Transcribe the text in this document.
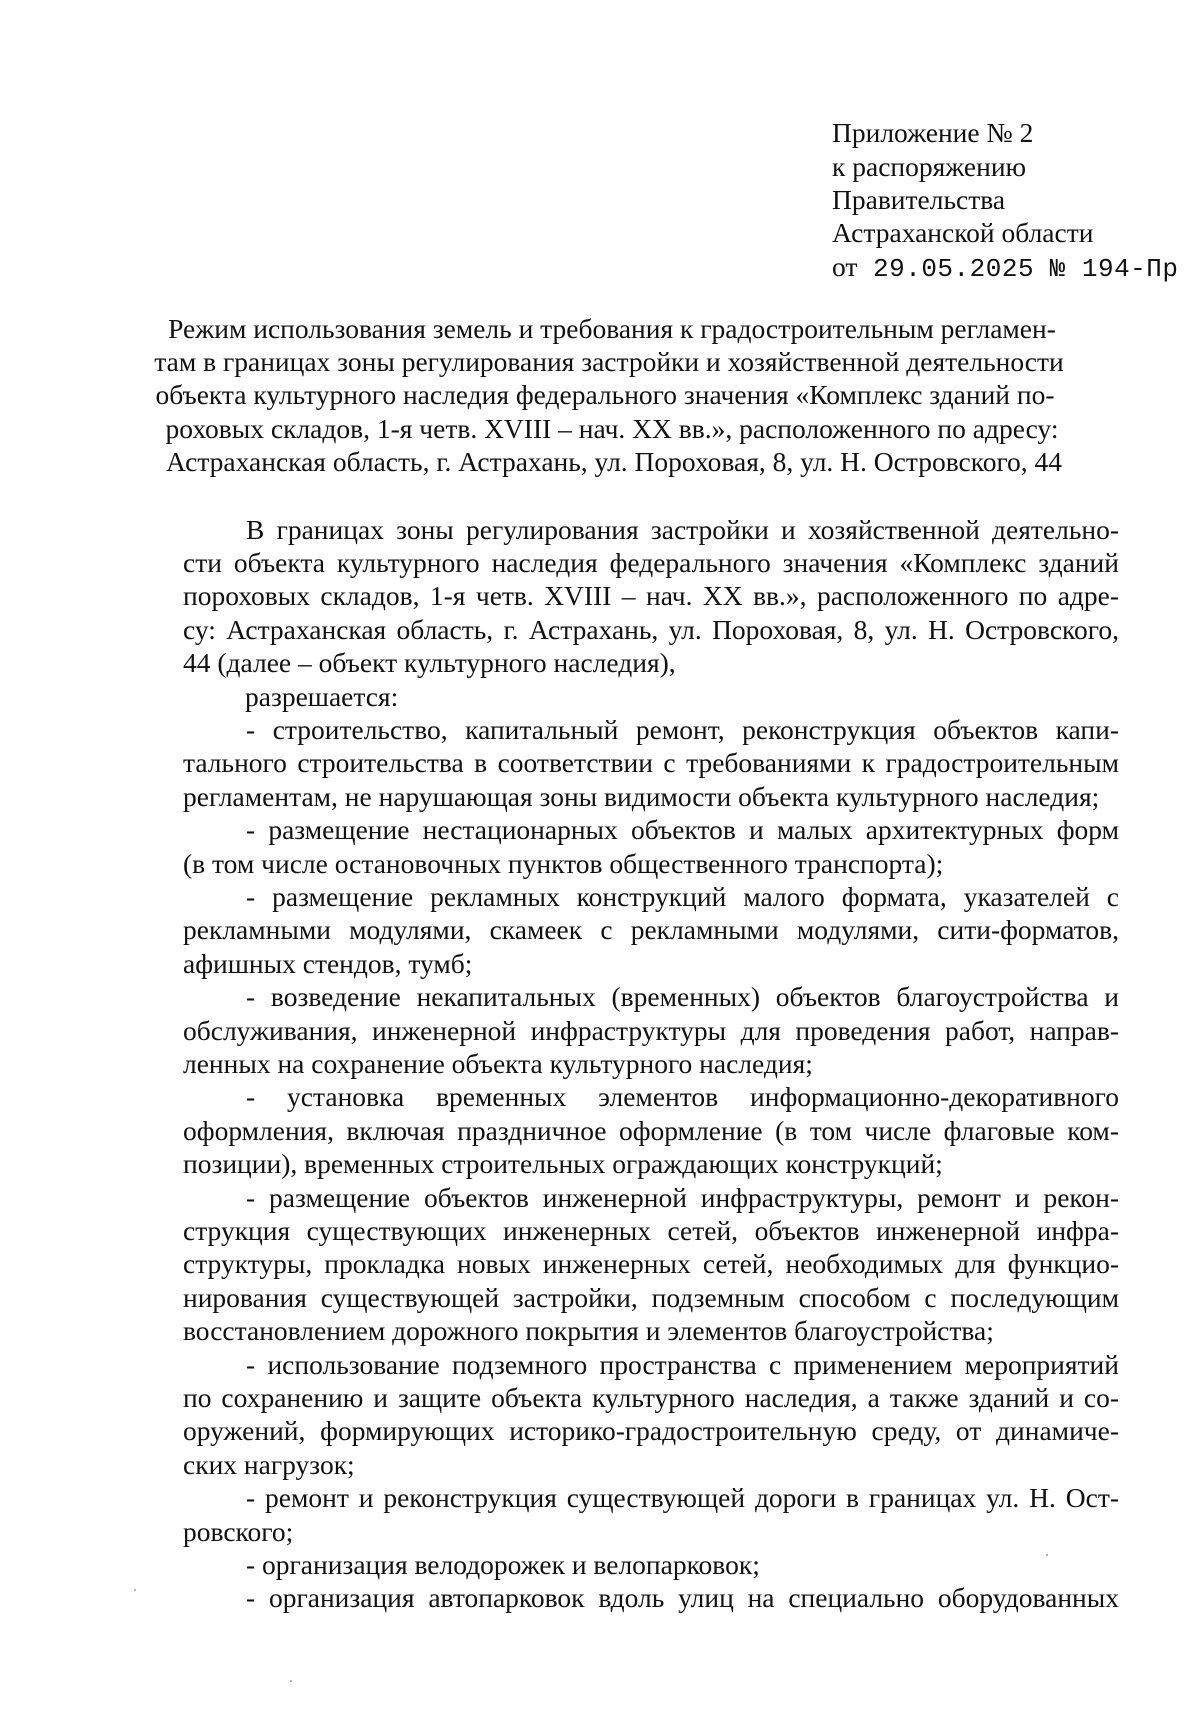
Приложение № 2
к распоряжению
Правительства
Астраханской области
от 29.05.2025 № 194-Пр
Режим использования земель и требования к градостроительным регламен-
там в границах зоны регулирования застройки и хозяйственной деятельности
объекта культурного наследия федерального значения «Комплекс зданий по-
роховых складов, 1-я четв. XVIII – нач. XX вв.», расположенного по адресу:
Астраханская область, г. Астрахань, ул. Пороховая, 8, ул. Н. Островского, 44
В границах зоны регулирования застройки и хозяйственной деятельно-
сти объекта культурного наследия федерального значения «Комплекс зданий
пороховых складов, 1-я четв. XVIII – нач. XX вв.», расположенного по адре-
су: Астраханская область, г. Астрахань, ул. Пороховая, 8, ул. Н. Островского,
44 (далее – объект культурного наследия),
разрешается:
- строительство, капитальный ремонт, реконструкция объектов капи-
тального строительства в соответствии с требованиями к градостроительным
регламентам, не нарушающая зоны видимости объекта культурного наследия;
- размещение нестационарных объектов и малых архитектурных форм
(в том числе остановочных пунктов общественного транспорта);
- размещение рекламных конструкций малого формата, указателей с
рекламными модулями, скамеек с рекламными модулями, сити-форматов,
афишных стендов, тумб;
- возведение некапитальных (временных) объектов благоустройства и
обслуживания, инженерной инфраструктуры для проведения работ, направ-
ленных на сохранение объекта культурного наследия;
- установка временных элементов информационно-декоративного
оформления, включая праздничное оформление (в том числе флаговые ком-
позиции), временных строительных ограждающих конструкций;
- размещение объектов инженерной инфраструктуры, ремонт и рекон-
струкция существующих инженерных сетей, объектов инженерной инфра-
структуры, прокладка новых инженерных сетей, необходимых для функцио-
нирования существующей застройки, подземным способом с последующим
восстановлением дорожного покрытия и элементов благоустройства;
- использование подземного пространства с применением мероприятий
по сохранению и защите объекта культурного наследия, а также зданий и со-
оружений, формирующих историко-градостроительную среду, от динамиче-
ских нагрузок;
- ремонт и реконструкция существующей дороги в границах ул. Н. Ост-
ровского;
- организация велодорожек и велопарковок;
- организация автопарковок вдоль улиц на специально оборудованных
